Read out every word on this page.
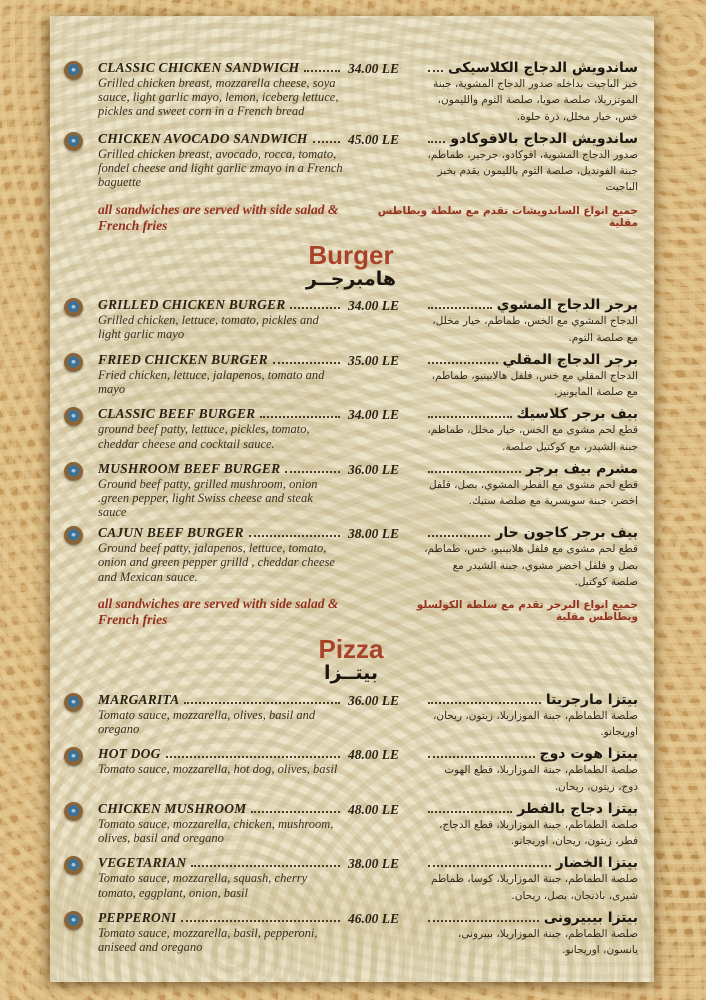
CLASSIC CHICKEN SANDWICH
Grilled chicken breast, mozzarella cheese, soya sauce, light garlic mayo, lemon, iceberg lettuce, pickles and sweet corn in a French bread
34.00 LE	ساندويش الدجاج الكلاسيكى
خبز الباجيت بداخله صدور الدجاج المشوية، جبنة الموتزريلا، صلصة صويا، صلصة الثوم والليمون، خس، خيار مخلل، ذرة حلوة.
CHICKEN AVOCADO SANDWICH
Grilled chicken breast, avocado, rocca, tomato, fondel cheese and light garlic zmayo in a French baguette
45.00 LE	ساندويش الدجاج بالافوكادو
صدور الدجاج المشوية، افوكادو، جرجير، طماطم، جبنة الفونديل، صلصة الثوم بالليمون يقدم بخبز الباجيت
all sandwiches are served with side salad & French fries
جميع انواع الساندويشات تقدم مع سلطة وبطاطس مقلية
Burger
هامبرجــر
GRILLED CHICKEN BURGER
Grilled chicken, lettuce, tomato, pickles and light garlic mayo
34.00 LE	برجر الدجاج المشوي
الدجاج المشوي مع الخس، طماطم، خيار مخلل، مع صلصة الثوم.
FRIED CHICKEN BURGER
Fried chicken, lettuce, jalapenos, tomato and mayo
35.00 LE	برجر الدجاج المقلي
الدجاج المقلي مع خس، فلفل هالابينيو، طماطم، مع صلصة المايونيز.
CLASSIC BEEF BURGER
ground beef patty, lettuce, pickles, tomato, cheddar cheese and cocktail sauce.
34.00 LE	بيف برجر كلاسيك
قطع لحم مشوى مع الخس، خيار مخلل، طماطم، جبنة الشيدر، مع كوكتيل صلصة.
MUSHROOM BEEF BURGER
Ground beef patty, grilled mushroom, onion .green pepper, light Swiss cheese and steak sauce
36.00 LE	مشرم بيف برجر
قطع لحم مشوى مع الفطر المشوي، بصل، فلفل اخضر، جبنة سويسرية مع صلصة ستيك.
CAJUN BEEF BURGER
Ground beef patty, jalapenos, lettuce, tomato, onion and green pepper grilld , cheddar cheese and Mexican sauce.
38.00 LE	بيف برجر كاجون حار
قطع لحم مشوى مع فلفل هلابينيو، خس، طماطم، بصل و فلفل اخضر مشوي، جبنة الشيدر مع صلصة كوكتيل.
all sandwiches are served with side salad & French fries
جميع انواع البرجر تقدم مع سلطة الكولسلو وبطاطس مقلية
Pizza
بيتــزا
MARGARITA
Tomato sauce, mozzarella, olives, basil and oregano
36.00 LE	بيتزا مارجريتا
صلصة الطماطم، جبنة الموزاريلا، زيتون، ريحان، اوريجانو.
HOT DOG
Tomato sauce, mozzarella, hot dog, olives, basil
48.00 LE	بيتزا هوت دوج
صلصة الطماطم، جبنة الموزاريلا، قطع الهوت دوج، زيتون، ريحان.
CHICKEN MUSHROOM
Tomato sauce, mozzarella, chicken, mushroom, olives, basil and oregano
48.00 LE	بيتزا دجاج بالفطر
صلصة الطماطم، جبنة الموزاريلا، قطع الدجاج، فطر، زيتون، ريحان، اوريجانو.
VEGETARIAN
Tomato sauce, mozzarella, squash, cherry tomato, eggplant, onion, basil
38.00 LE	بيتزا الخضار
صلصة الطماطم، جبنة الموزاريلا، كوسا، طماطم شيرى، باذنجان، بصل، ريحان.
PEPPERONI
Tomato sauce, mozzarella, basil, pepperoni, aniseed and oregano
46.00 LE	بيتزا بيبيرونى
صلصة الطماطم، جبنة الموزاريلا، بيبرونى، يانسون، اوريجانو.
